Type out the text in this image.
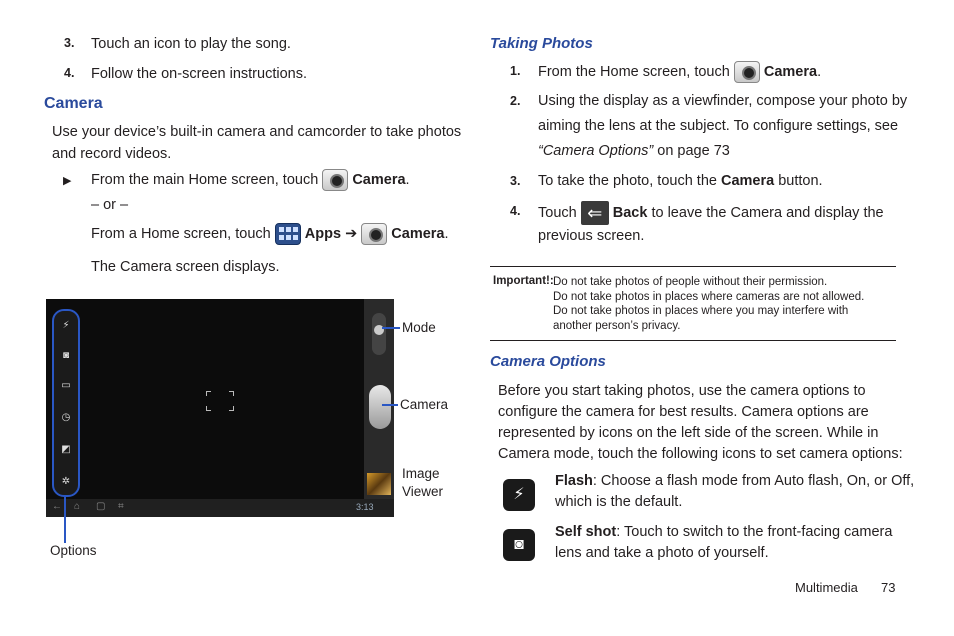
3. Touch an icon to play the song.
4. Follow the on-screen instructions.
Camera
Use your device’s built-in camera and camcorder to take photos
and record videos.
▶ From the main Home screen, touch Camera.
– or –
From a Home screen, touch Apps ➔ Camera.
The Camera screen displays.
⚡
◙
▭
◷
◩
✲
← ⌂ ▢ ⌗	3:13
Mode
Camera
Image
Viewer
Options
Taking Photos
1. From the Home screen, touch Camera.
2. Using the display as a viewfinder, compose your photo by
aiming the lens at the subject. To configure settings, see
“Camera Options” on page 73
3. To take the photo, touch the Camera button.
4. Touch ⇐ Back to leave the Camera and display the
previous screen.
Important!: Do not take photos of people without their permission.
Do not take photos in places where cameras are not allowed.
Do not take photos in places where you may interfere with
another person’s privacy.
Camera Options
Before you start taking photos, use the camera options to
configure the camera for best results. Camera options are
represented by icons on the left side of the screen. While in
Camera mode, touch the following icons to set camera options:
⚡
Flash: Choose a flash mode from Auto flash, On, or Off,
which is the default.
◙
Self shot: Touch to switch to the front-facing camera
lens and take a photo of yourself.
Multimedia 73
